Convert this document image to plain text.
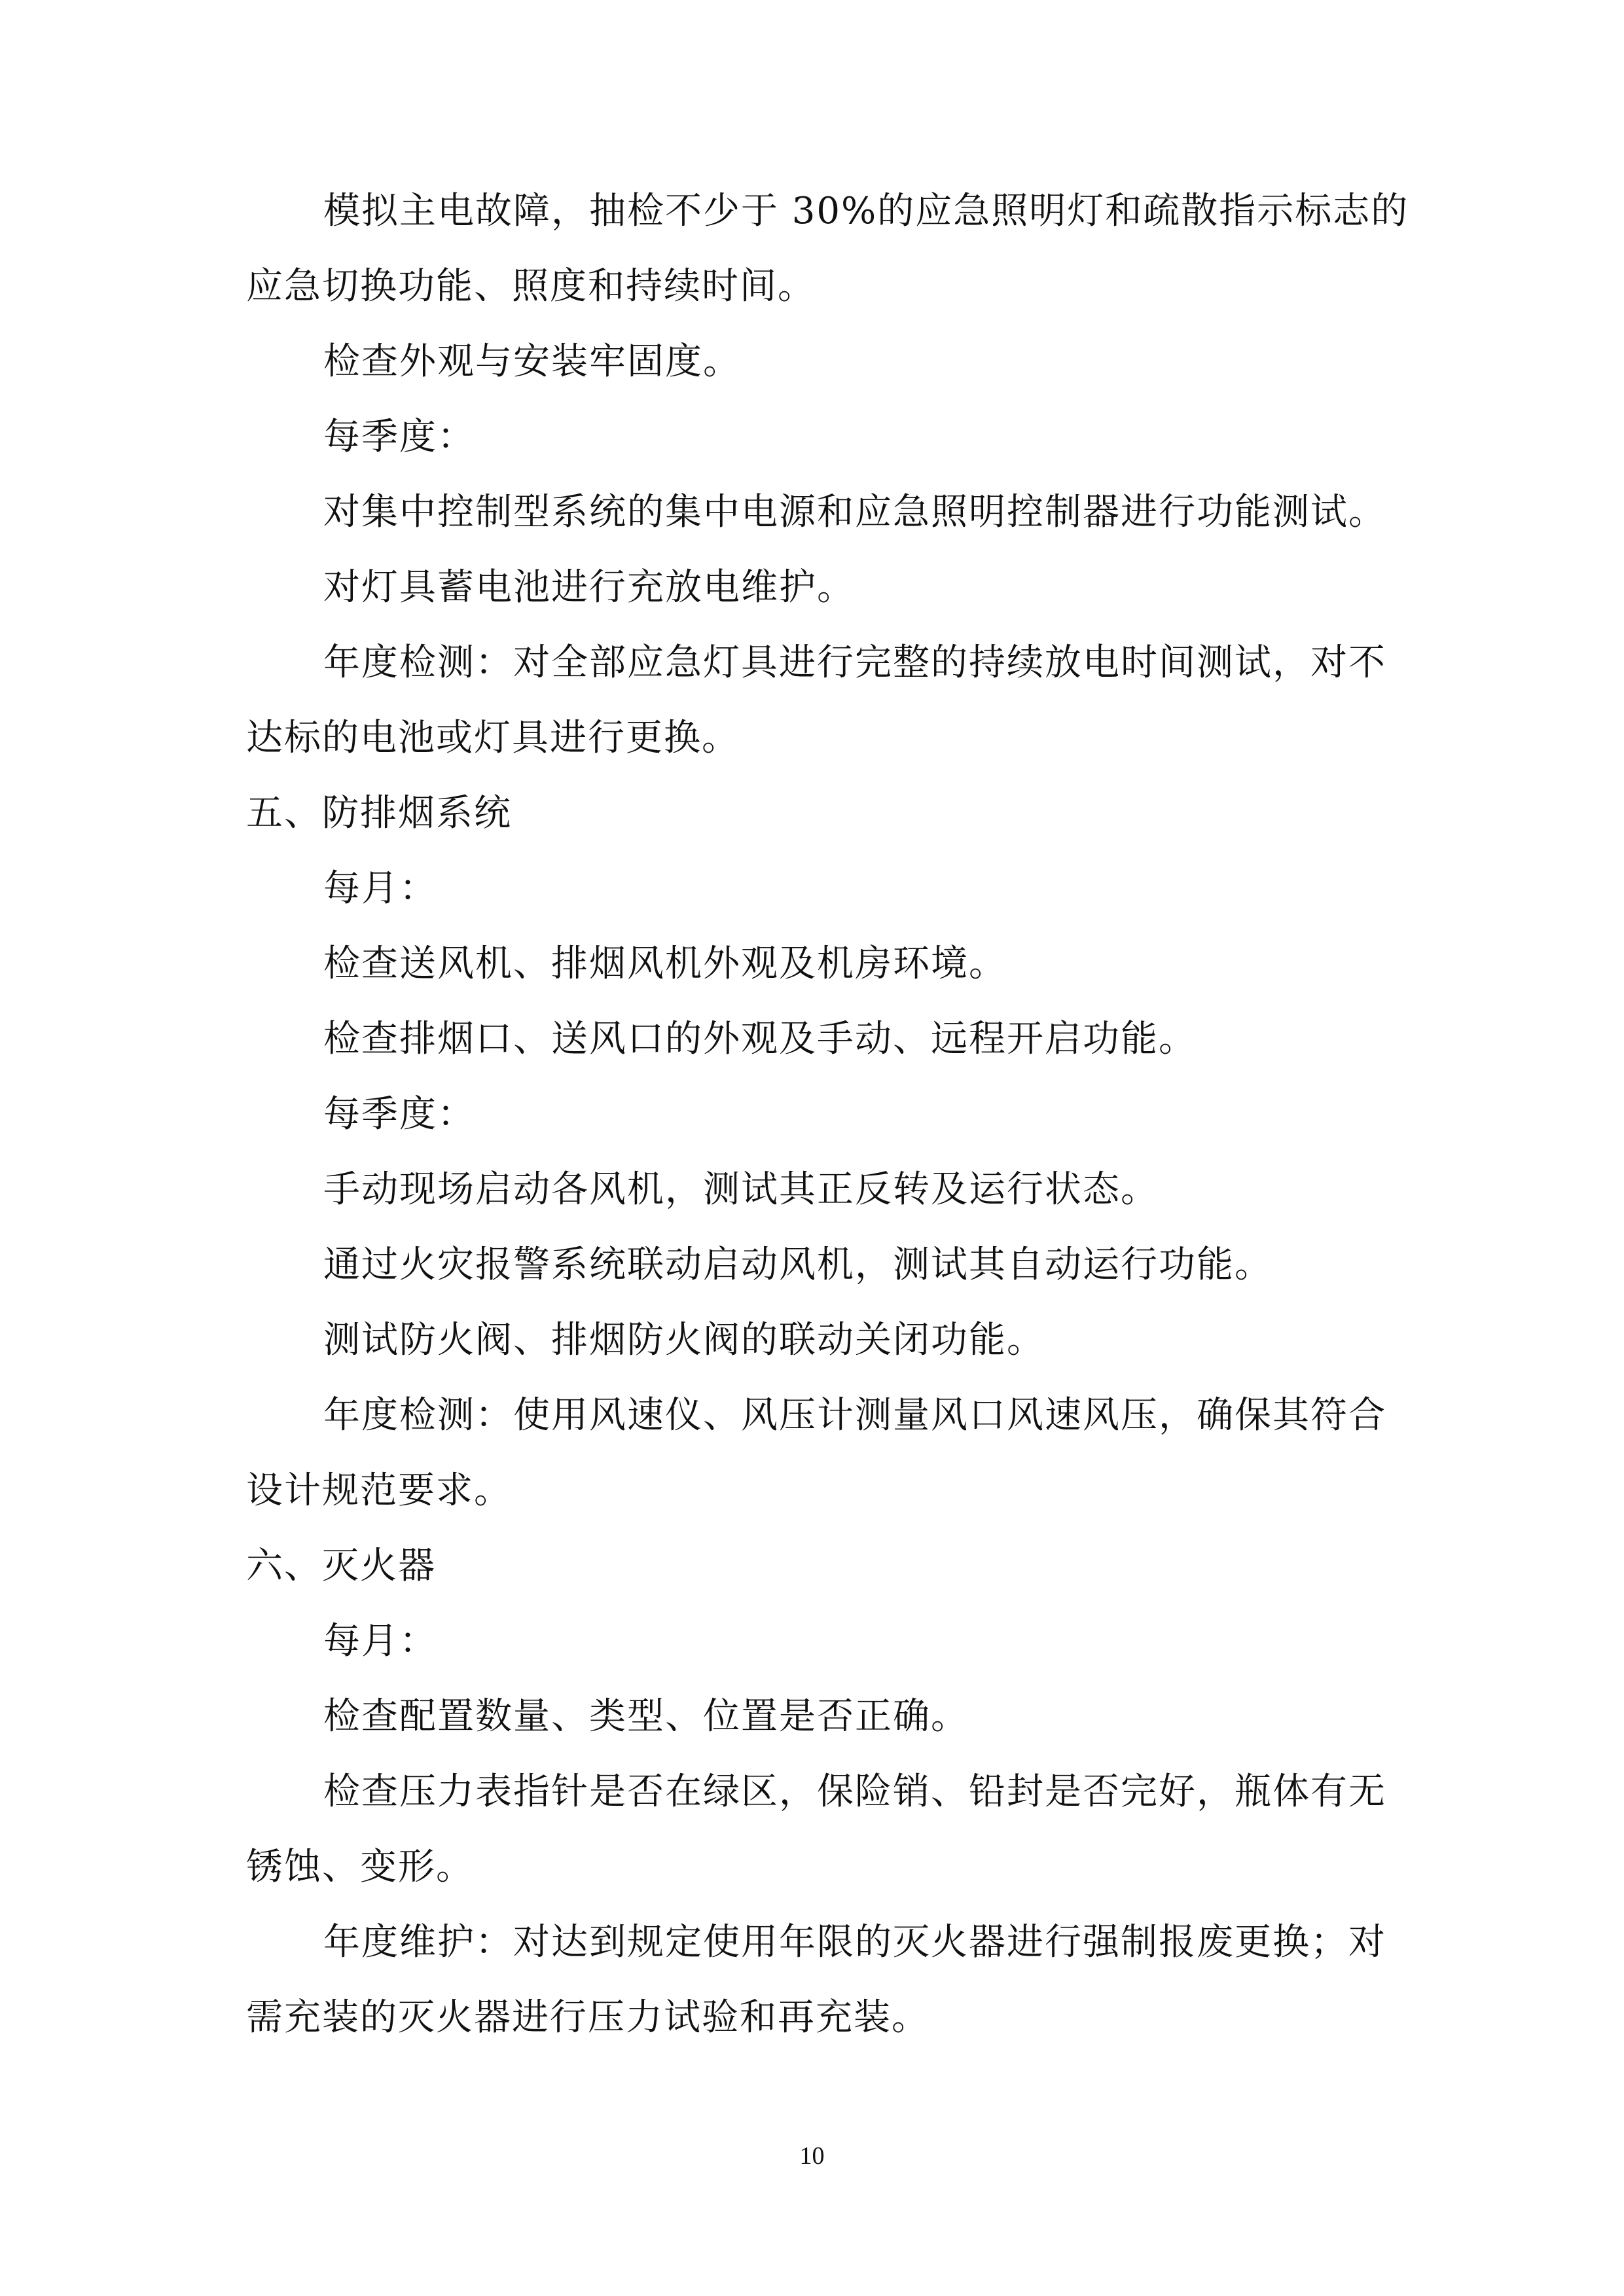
模拟主电故障，抽检不少于 30%的应急照明灯和疏散指示标志的
应急切换功能、照度和持续时间。
检查外观与安装牢固度。
每季度：
对集中控制型系统的集中电源和应急照明控制器进行功能测试。
对灯具蓄电池进行充放电维护。
年度检测：对全部应急灯具进行完整的持续放电时间测试，对不
达标的电池或灯具进行更换。
五、防排烟系统
每月：
检查送风机、排烟风机外观及机房环境。
检查排烟口、送风口的外观及手动、远程开启功能。
每季度：
手动现场启动各风机，测试其正反转及运行状态。
通过火灾报警系统联动启动风机，测试其自动运行功能。
测试防火阀、排烟防火阀的联动关闭功能。
年度检测：使用风速仪、风压计测量风口风速风压，确保其符合
设计规范要求。
六、灭火器
每月：
检查配置数量、类型、位置是否正确。
检查压力表指针是否在绿区，保险销、铅封是否完好，瓶体有无
锈蚀、变形。
年度维护：对达到规定使用年限的灭火器进行强制报废更换；对
需充装的灭火器进行压力试验和再充装。
10
